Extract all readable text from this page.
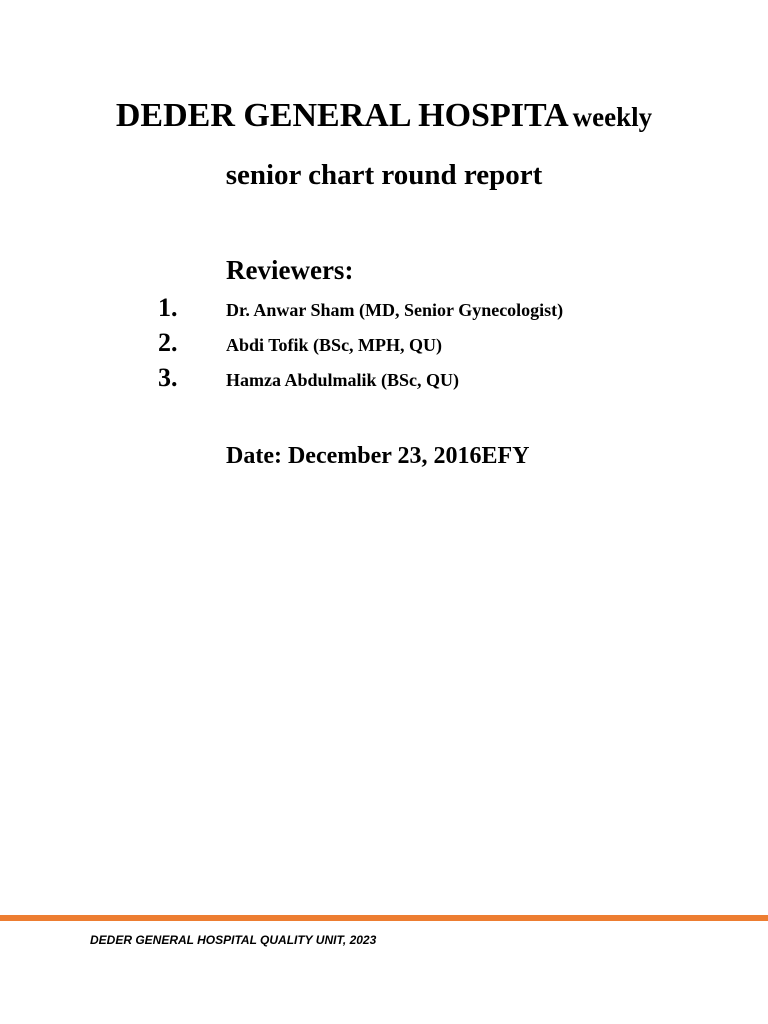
DEDER GENERAL HOSPITA weekly
senior chart round report
Reviewers:
1.	Dr. Anwar Sham (MD, Senior Gynecologist)
2.	Abdi Tofik (BSc, MPH, QU)
3.	Hamza Abdulmalik (BSc, QU)
Date: December 23, 2016EFY
DEDER GENERAL HOSPITAL QUALITY UNIT, 2023
